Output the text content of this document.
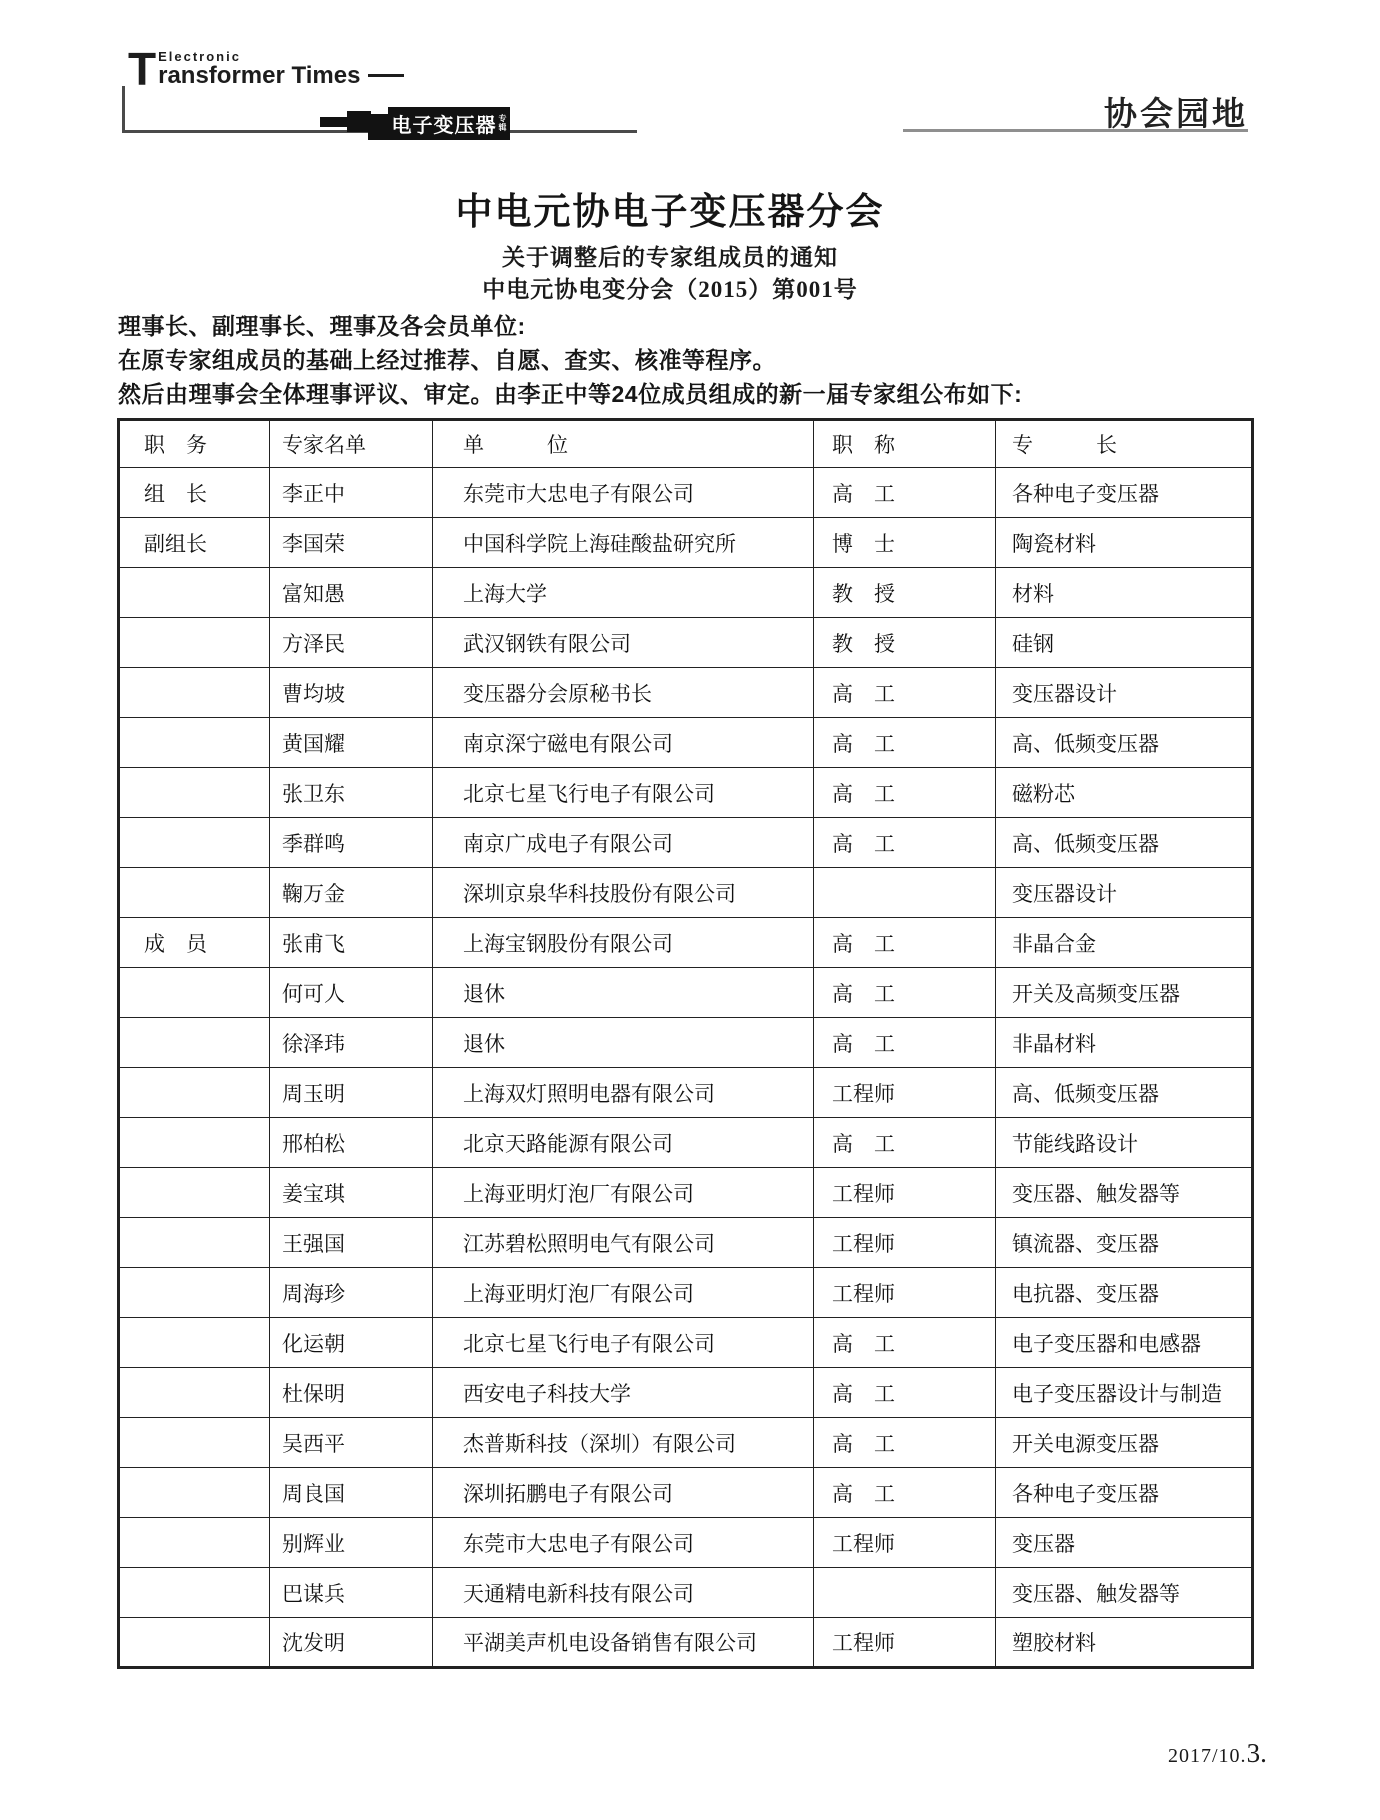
T Electronic
ransformer Times
电子变压器 专
辑	协会园地
中电元协电子变压器分会
关于调整后的专家组成员的通知
中电元协电变分会（2015）第001号
理事长、副理事长、理事及各会员单位:
在原专家组成员的基础上经过推荐、自愿、查实、核准等程序。
然后由理事会全体理事评议、审定。由李正中等24位成员组成的新一届专家组公布如下:
职　务	专家名单	单　　　位	职　称	专　　　长
组　长	李正中	东莞市大忠电子有限公司	高　工	各种电子变压器
副组长	李国荣	中国科学院上海硅酸盐研究所	博　士	陶瓷材料
	富知愚	上海大学	教　授	材料
	方泽民	武汉钢铁有限公司	教　授	硅钢
	曹均坡	变压器分会原秘书长	高　工	变压器设计
	黄国耀	南京深宁磁电有限公司	高　工	高、低频变压器
	张卫东	北京七星飞行电子有限公司	高　工	磁粉芯
	季群鸣	南京广成电子有限公司	高　工	高、低频变压器
	鞠万金	深圳京泉华科技股份有限公司		变压器设计
成　员	张甫飞	上海宝钢股份有限公司	高　工	非晶合金
	何可人	退休	高　工	开关及高频变压器
	徐泽玮	退休	高　工	非晶材料
	周玉明	上海双灯照明电器有限公司	工程师	高、低频变压器
	邢柏松	北京天路能源有限公司	高　工	节能线路设计
	姜宝琪	上海亚明灯泡厂有限公司	工程师	变压器、触发器等
	王强国	江苏碧松照明电气有限公司	工程师	镇流器、变压器
	周海珍	上海亚明灯泡厂有限公司	工程师	电抗器、变压器
	化运朝	北京七星飞行电子有限公司	高　工	电子变压器和电感器
	杜保明	西安电子科技大学	高　工	电子变压器设计与制造
	吴西平	杰普斯科技（深圳）有限公司	高　工	开关电源变压器
	周良国	深圳拓鹏电子有限公司	高　工	各种电子变压器
	别辉业	东莞市大忠电子有限公司	工程师	变压器
	巴谋兵	天通精电新科技有限公司		变压器、触发器等
	沈发明	平湖美声机电设备销售有限公司	工程师	塑胶材料
2017/10. 3.
